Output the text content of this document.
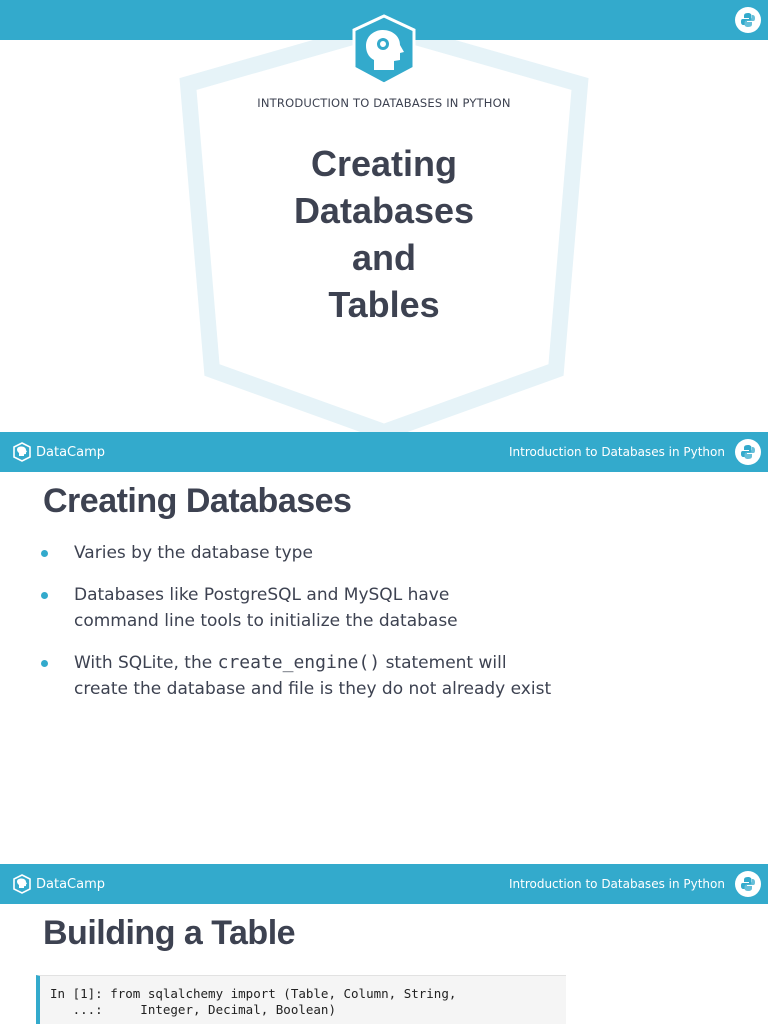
INTRODUCTION TO DATABASES IN PYTHON
Creating
Databases
and
Tables
DataCamp	Introduction to Databases in Python
Creating Databases
Varies by the database type
Databases like PostgreSQL and MySQL have
command line tools to initialize the database
With SQLite, the create_engine() statement will
create the database and file is they do not already exist
DataCamp	Introduction to Databases in Python
Building a Table
In [1]: from sqlalchemy import (Table, Column, String,
...:     Integer, Decimal, Boolean)
